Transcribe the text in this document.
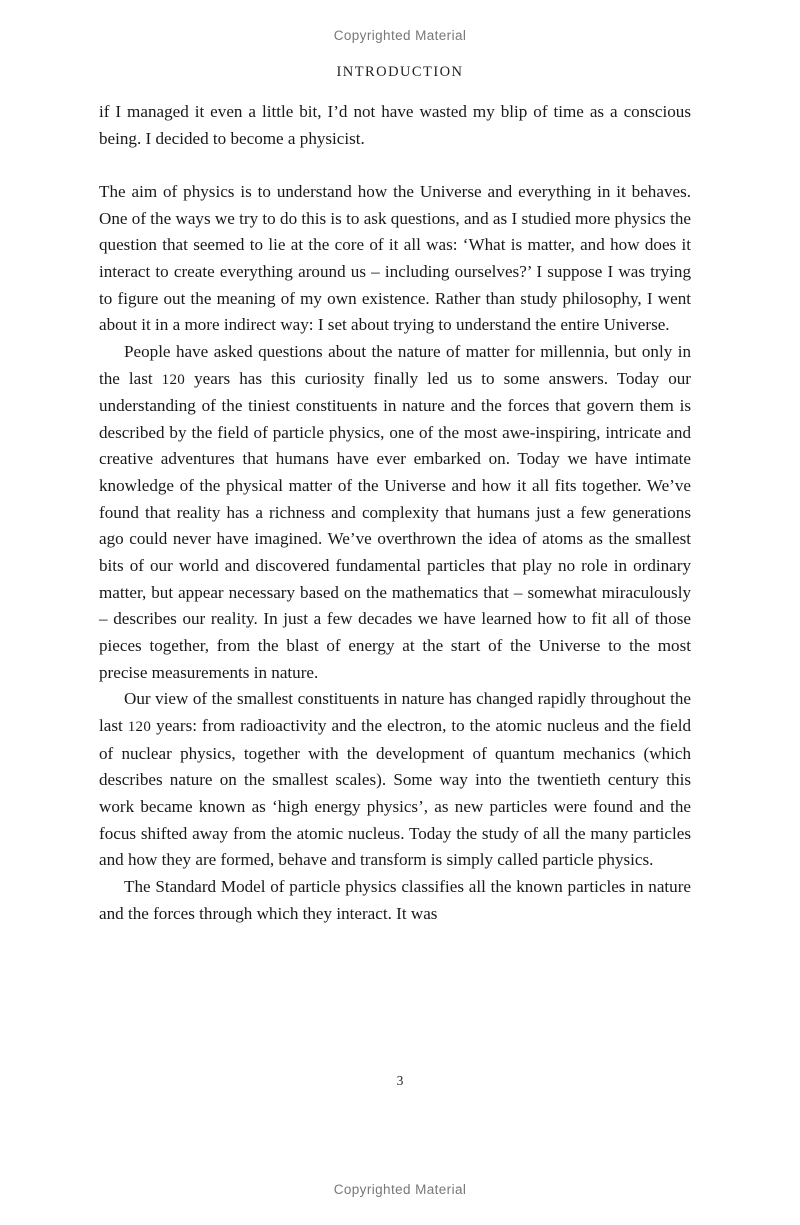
Copyrighted Material
INTRODUCTION

if I managed it even a little bit, I’d not have wasted my blip of time as a conscious being. I decided to become a physicist.

The aim of physics is to understand how the Universe and everything in it behaves. One of the ways we try to do this is to ask questions, and as I studied more physics the question that seemed to lie at the core of it all was: ‘What is matter, and how does it interact to create everything around us – including ourselves?’ I suppose I was trying to figure out the meaning of my own existence. Rather than study philosophy, I went about it in a more indirect way: I set about trying to understand the entire Universe.

People have asked questions about the nature of matter for millennia, but only in the last 120 years has this curiosity finally led us to some answers. Today our understanding of the tiniest constituents in nature and the forces that govern them is described by the field of particle physics, one of the most awe-inspiring, intricate and creative adventures that humans have ever embarked on. Today we have intimate knowledge of the physical matter of the Universe and how it all fits together. We’ve found that reality has a richness and complexity that humans just a few generations ago could never have imagined. We’ve overthrown the idea of atoms as the smallest bits of our world and discovered fundamental particles that play no role in ordinary matter, but appear necessary based on the mathematics that – somewhat miraculously – describes our reality. In just a few decades we have learned how to fit all of those pieces together, from the blast of energy at the start of the Universe to the most precise measurements in nature.

Our view of the smallest constituents in nature has changed rapidly throughout the last 120 years: from radioactivity and the electron, to the atomic nucleus and the field of nuclear physics, together with the development of quantum mechanics (which describes nature on the smallest scales). Some way into the twentieth century this work became known as ‘high energy physics’, as new particles were found and the focus shifted away from the atomic nucleus. Today the study of all the many particles and how they are formed, behave and transform is simply called particle physics.

The Standard Model of particle physics classifies all the known particles in nature and the forces through which they interact. It was

3
Copyrighted Material
